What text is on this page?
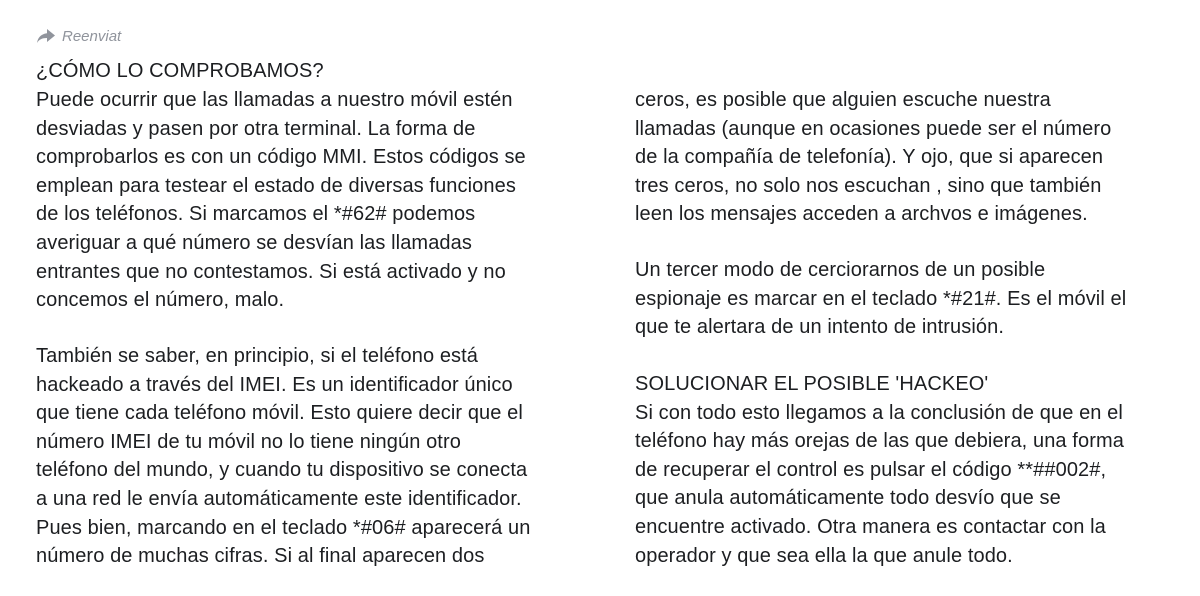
Reenviat
¿CÓMO LO COMPROBAMOS?
Puede ocurrir que las llamadas a nuestro móvil estén
desviadas y pasen por otra terminal. La forma de
comprobarlos es con un código MMI. Estos códigos se
emplean para testear el estado de diversas funciones
de los teléfonos. Si marcamos el *#62# podemos
averiguar a qué número se desvían las llamadas
entrantes que no contestamos. Si está activado y no
concemos el número, malo.
También se saber, en principio, si el teléfono está
hackeado a través del IMEI. Es un identificador único
que tiene cada teléfono móvil. Esto quiere decir que el
número IMEI de tu móvil no lo tiene ningún otro
teléfono del mundo, y cuando tu dispositivo se conecta
a una red le envía automáticamente este identificador.
Pues bien, marcando en el teclado *#06# aparecerá un
número de muchas cifras. Si al final aparecen dos
ceros, es posible que alguien escuche nuestra
llamadas (aunque en ocasiones puede ser el número
de la compañía de telefonía). Y ojo, que si aparecen
tres ceros, no solo nos escuchan , sino que también
leen los mensajes acceden a archvos e imágenes.
Un tercer modo de cerciorarnos de un posible
espionaje es marcar en el teclado *#21#. Es el móvil el
que te alertara de un intento de intrusión.
SOLUCIONAR EL POSIBLE 'HACKEO'
Si con todo esto llegamos a la conclusión de que en el
teléfono hay más orejas de las que debiera, una forma
de recuperar el control es pulsar el código **##002#,
que anula automáticamente todo desvío que se
encuentre activado. Otra manera es contactar con la
operador y que sea ella la que anule todo.
